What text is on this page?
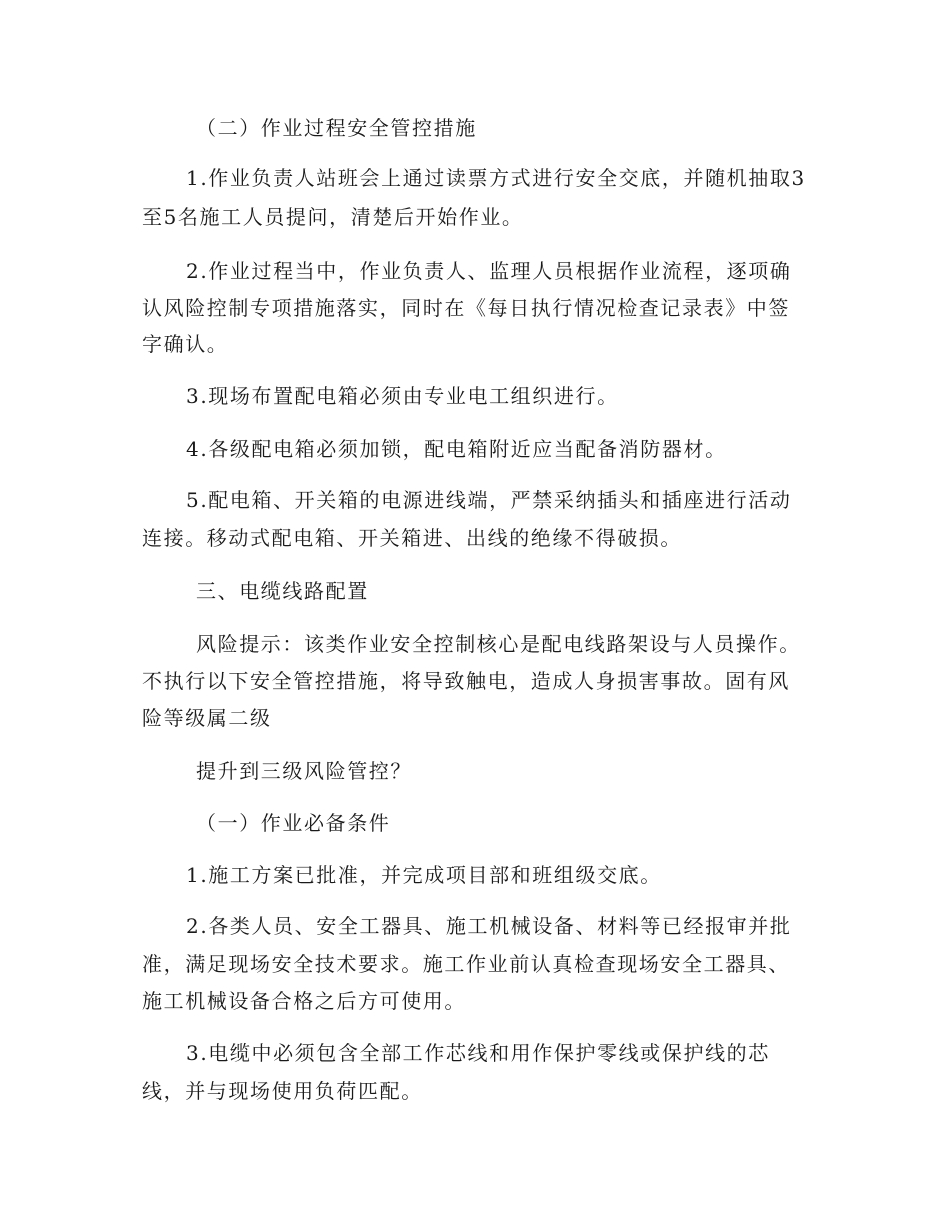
（二）作业过程安全管控措施
1.作业负责人站班会上通过读票方式进行安全交底，并随机抽取3
至5名施工人员提问，清楚后开始作业。
2.作业过程当中，作业负责人、监理人员根据作业流程，逐项确
认风险控制专项措施落实，同时在《每日执行情况检查记录表》中签
字确认。
3.现场布置配电箱必须由专业电工组织进行。
4.各级配电箱必须加锁，配电箱附近应当配备消防器材。
5.配电箱、开关箱的电源进线端，严禁采纳插头和插座进行活动
连接。移动式配电箱、开关箱进、出线的绝缘不得破损。
三、电缆线路配置
风险提示：该类作业安全控制核心是配电线路架设与人员操作。
不执行以下安全管控措施，将导致触电，造成人身损害事故。固有风
险等级属二级
提升到三级风险管控？
（一）作业必备条件
1.施工方案已批准，并完成项目部和班组级交底。
2.各类人员、安全工器具、施工机械设备、材料等已经报审并批
准，满足现场安全技术要求。施工作业前认真检查现场安全工器具、
施工机械设备合格之后方可使用。
3.电缆中必须包含全部工作芯线和用作保护零线或保护线的芯
线，并与现场使用负荷匹配。
